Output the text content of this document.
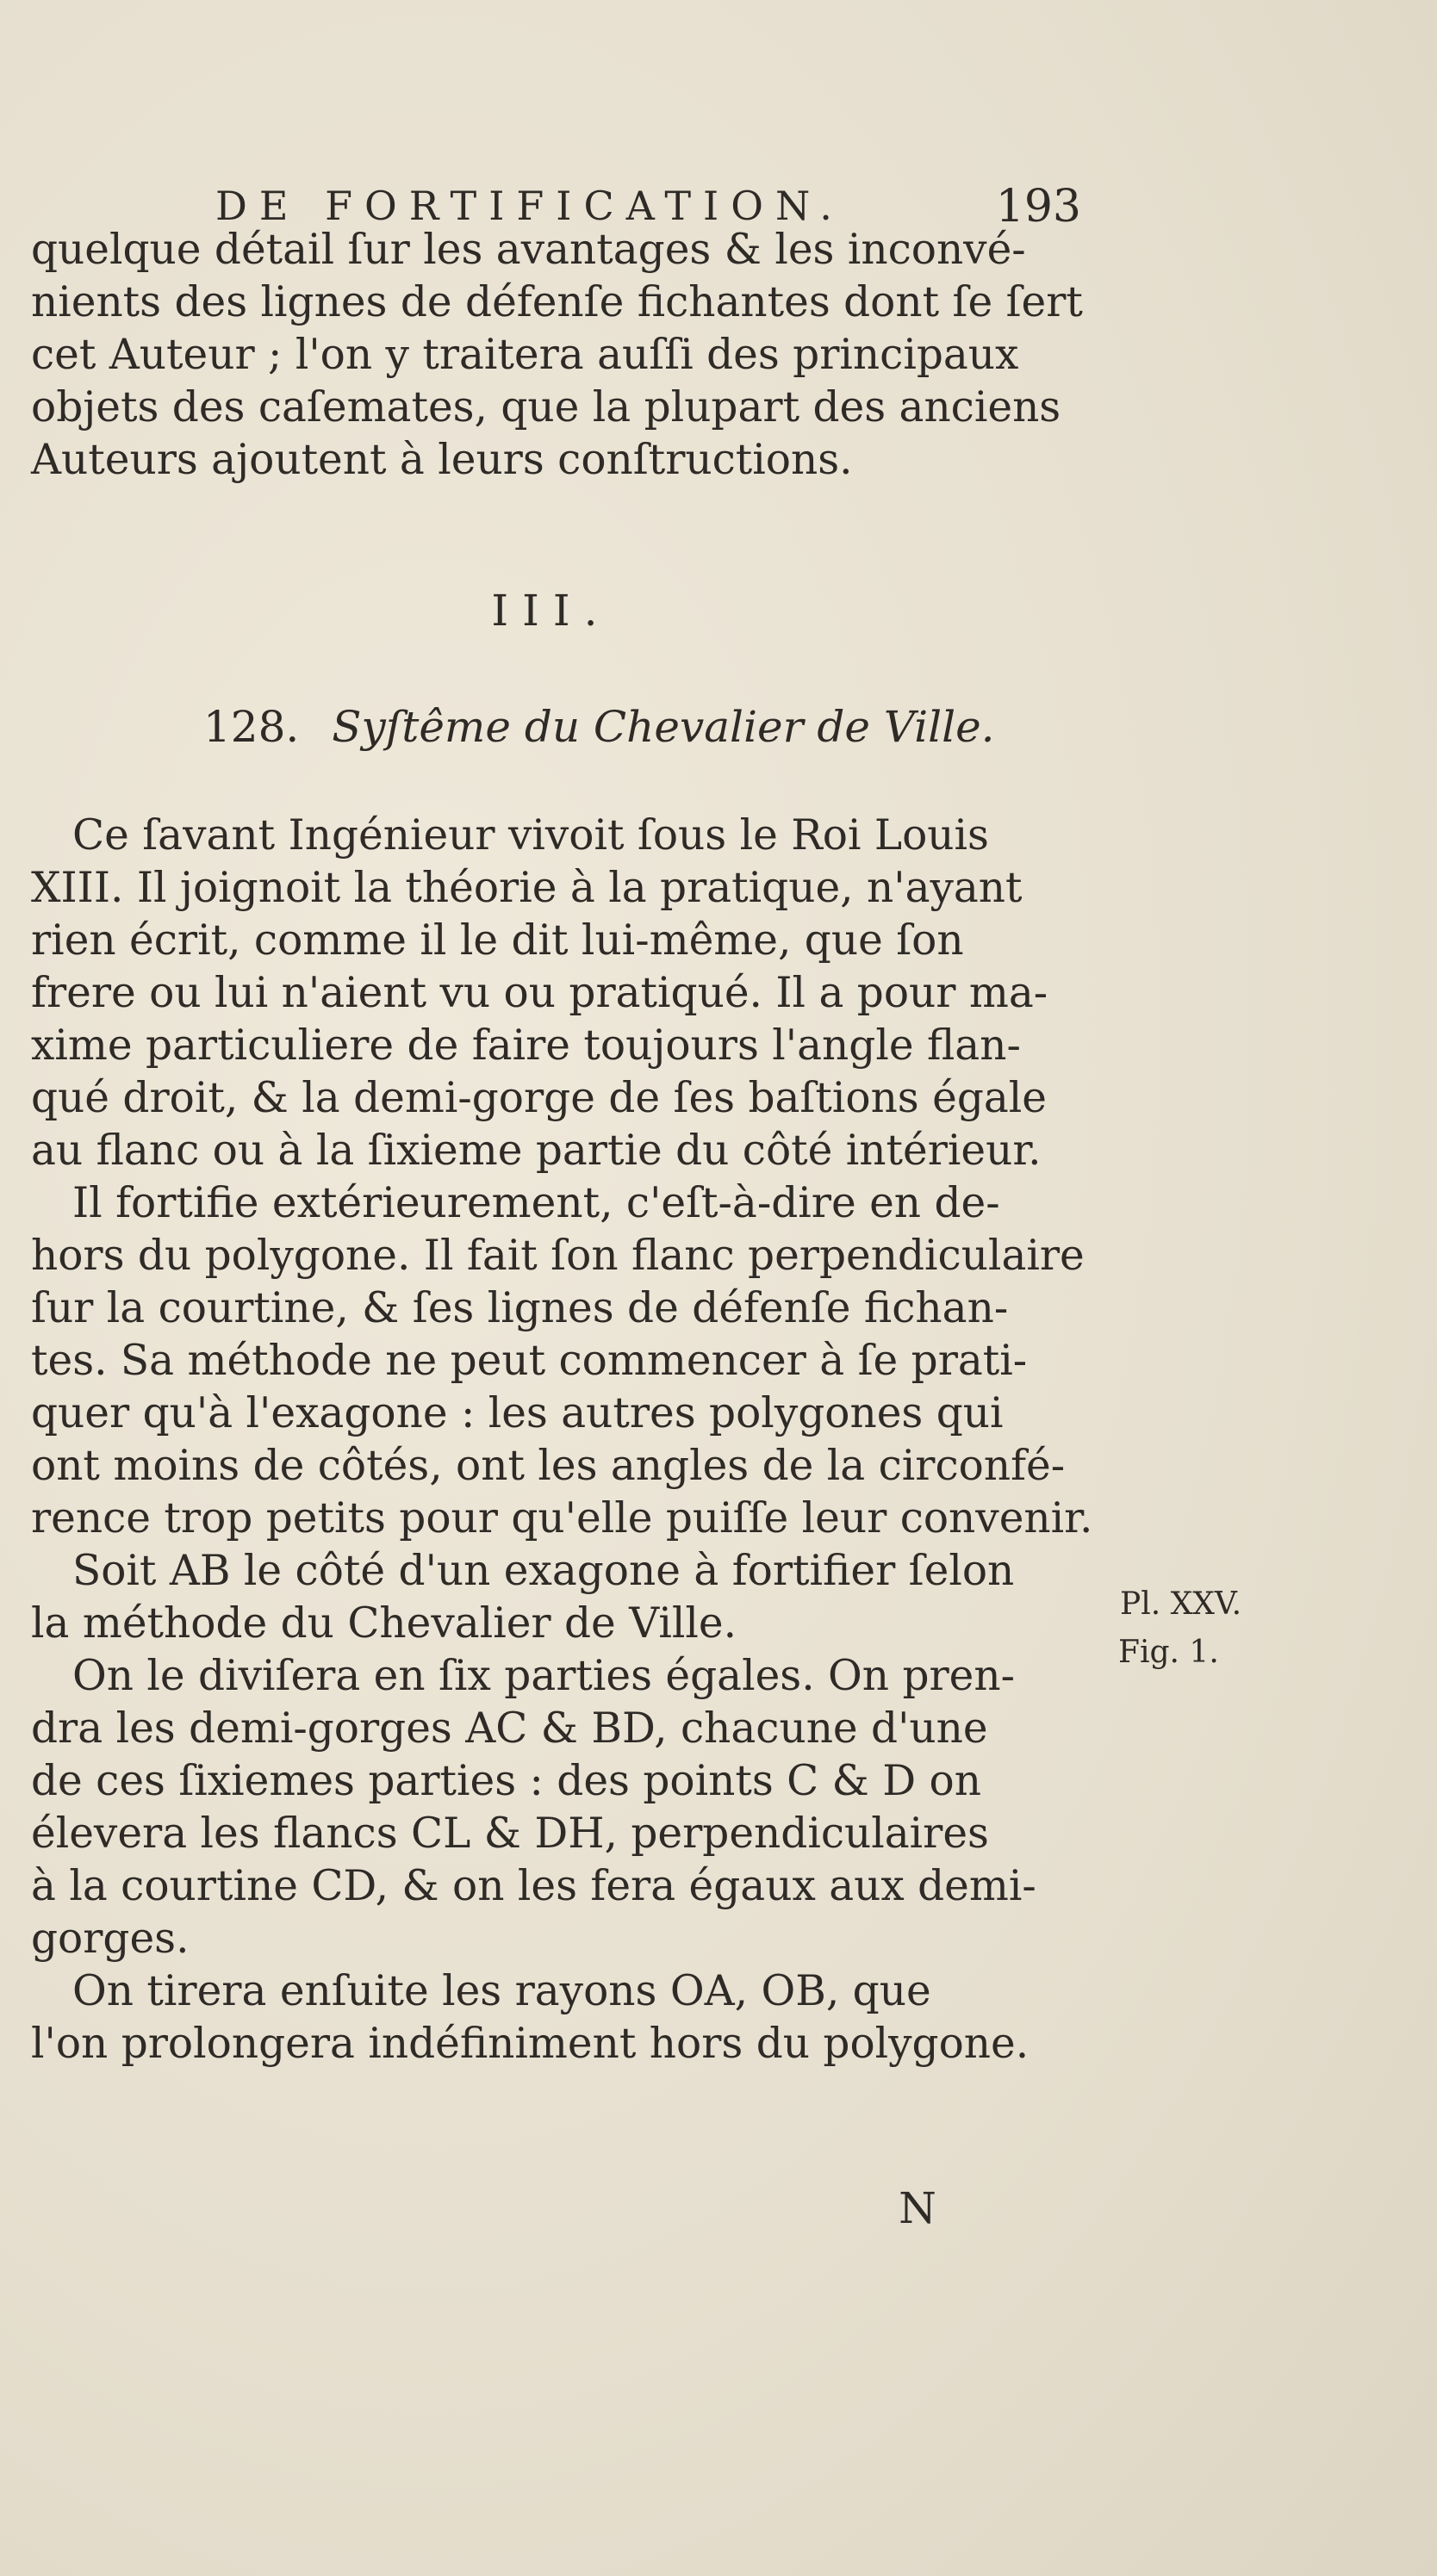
DE FORTIFICATION.	193
quelque détail ſur les avantages & les inconvé-
nients des lignes de défenſe fichantes dont ſe ſert
cet Auteur ; l'on y traitera auſſi des principaux
objets des caſemates, que la plupart des anciens
Auteurs ajoutent à leurs conſtructions.
III.
128. Syſtême du Chevalier de Ville.
Ce ſavant Ingénieur vivoit ſous le Roi Louis
XIII. Il joignoit la théorie à la pratique, n'ayant
rien écrit, comme il le dit lui-même, que ſon
frere ou lui n'aient vu ou pratiqué. Il a pour ma-
xime particuliere de faire toujours l'angle flan-
qué droit, & la demi-gorge de ſes baſtions égale
au flanc ou à la ſixieme partie du côté intérieur.
Il fortifie extérieurement, c'eſt-à-dire en de-
hors du polygone. Il fait ſon flanc perpendiculaire
ſur la courtine, & ſes lignes de défenſe fichan-
tes. Sa méthode ne peut commencer à ſe prati-
quer qu'à l'exagone : les autres polygones qui
ont moins de côtés, ont les angles de la circonfé-
rence trop petits pour qu'elle puiſſe leur convenir.
Soit AB le côté d'un exagone à fortifier ſelon
la méthode du Chevalier de Ville.
On le diviſera en ſix parties égales. On pren-
dra les demi-gorges AC & BD, chacune d'une
de ces ſixiemes parties : des points C & D on
élevera les flancs CL & DH, perpendiculaires
à la courtine CD, & on les fera égaux aux demi-
gorges.
On tirera enſuite les rayons OA, OB, que
l'on prolongera indéfiniment hors du polygone.
Pl. XXV.
Fig. 1.
N
